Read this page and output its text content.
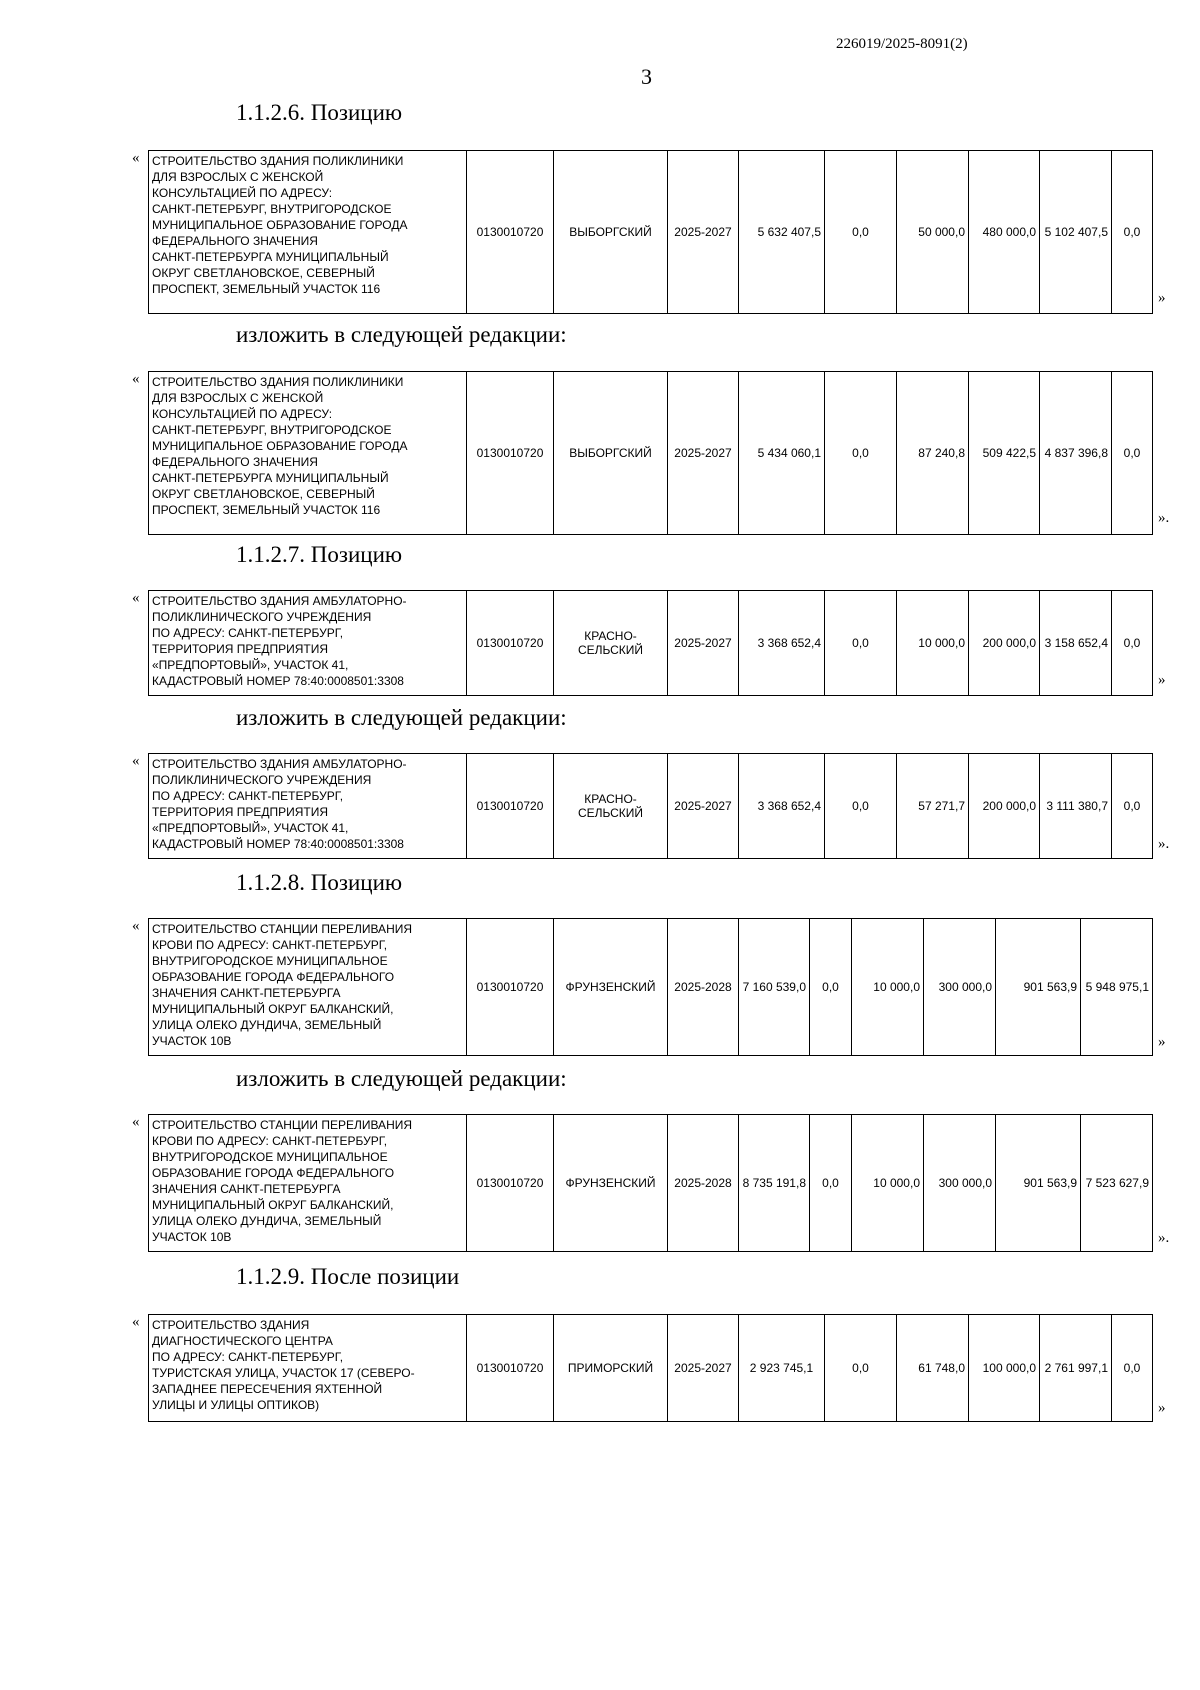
226019/2025-8091(2)
3
1.1.2.6. Позицию
« СТРОИТЕЛЬСТВО ЗДАНИЯ ПОЛИКЛИНИКИ
ДЛЯ ВЗРОСЛЫХ С ЖЕНСКОЙ
КОНСУЛЬТАЦИЕЙ ПО АДРЕСУ:
САНКТ-ПЕТЕРБУРГ, ВНУТРИГОРОДСКОЕ
МУНИЦИПАЛЬНОЕ ОБРАЗОВАНИЕ ГОРОДА
ФЕДЕРАЛЬНОГО ЗНАЧЕНИЯ
САНКТ-ПЕТЕРБУРГА МУНИЦИПАЛЬНЫЙ
ОКРУГ СВЕТЛАНОВСКОЕ, СЕВЕРНЫЙ
ПРОСПЕКТ, ЗЕМЕЛЬНЫЙ УЧАСТОК 116
	0130010720	ВЫБОРГСКИЙ	2025-2027	5 632 407,5	0,0	50 000,0	480 000,0	5 102 407,5	0,0
»
изложить в следующей редакции:
« СТРОИТЕЛЬСТВО ЗДАНИЯ ПОЛИКЛИНИКИ
ДЛЯ ВЗРОСЛЫХ С ЖЕНСКОЙ
КОНСУЛЬТАЦИЕЙ ПО АДРЕСУ:
САНКТ-ПЕТЕРБУРГ, ВНУТРИГОРОДСКОЕ
МУНИЦИПАЛЬНОЕ ОБРАЗОВАНИЕ ГОРОДА
ФЕДЕРАЛЬНОГО ЗНАЧЕНИЯ
САНКТ-ПЕТЕРБУРГА МУНИЦИПАЛЬНЫЙ
ОКРУГ СВЕТЛАНОВСКОЕ, СЕВЕРНЫЙ
ПРОСПЕКТ, ЗЕМЕЛЬНЫЙ УЧАСТОК 116
	0130010720	ВЫБОРГСКИЙ	2025-2027	5 434 060,1	0,0	87 240,8	509 422,5	4 837 396,8	0,0
».
1.1.2.7. Позицию
« СТРОИТЕЛЬСТВО ЗДАНИЯ АМБУЛАТОРНО-
ПОЛИКЛИНИЧЕСКОГО УЧРЕЖДЕНИЯ
ПО АДРЕСУ: САНКТ-ПЕТЕРБУРГ,
ТЕРРИТОРИЯ ПРЕДПРИЯТИЯ
«ПРЕДПОРТОВЫЙ», УЧАСТОК 41,
КАДАСТРОВЫЙ НОМЕР 78:40:0008501:3308
	0130010720	КРАСНО-
СЕЛЬСКИЙ	2025-2027	3 368 652,4	0,0	10 000,0	200 000,0	3 158 652,4	0,0
»
изложить в следующей редакции:
« СТРОИТЕЛЬСТВО ЗДАНИЯ АМБУЛАТОРНО-
ПОЛИКЛИНИЧЕСКОГО УЧРЕЖДЕНИЯ
ПО АДРЕСУ: САНКТ-ПЕТЕРБУРГ,
ТЕРРИТОРИЯ ПРЕДПРИЯТИЯ
«ПРЕДПОРТОВЫЙ», УЧАСТОК 41,
КАДАСТРОВЫЙ НОМЕР 78:40:0008501:3308
	0130010720	КРАСНО-
СЕЛЬСКИЙ	2025-2027	3 368 652,4	0,0	57 271,7	200 000,0	3 111 380,7	0,0
».
1.1.2.8. Позицию
« СТРОИТЕЛЬСТВО СТАНЦИИ ПЕРЕЛИВАНИЯ
КРОВИ ПО АДРЕСУ: САНКТ-ПЕТЕРБУРГ,
ВНУТРИГОРОДСКОЕ МУНИЦИПАЛЬНОЕ
ОБРАЗОВАНИЕ ГОРОДА ФЕДЕРАЛЬНОГО
ЗНАЧЕНИЯ САНКТ-ПЕТЕРБУРГА
МУНИЦИПАЛЬНЫЙ ОКРУГ БАЛКАНСКИЙ,
УЛИЦА ОЛЕКО ДУНДИЧА, ЗЕМЕЛЬНЫЙ
УЧАСТОК 10В
	0130010720	ФРУНЗЕНСКИЙ	2025-2028	7 160 539,0	0,0	10 000,0	300 000,0	901 563,9	5 948 975,1
»
изложить в следующей редакции:
« СТРОИТЕЛЬСТВО СТАНЦИИ ПЕРЕЛИВАНИЯ
КРОВИ ПО АДРЕСУ: САНКТ-ПЕТЕРБУРГ,
ВНУТРИГОРОДСКОЕ МУНИЦИПАЛЬНОЕ
ОБРАЗОВАНИЕ ГОРОДА ФЕДЕРАЛЬНОГО
ЗНАЧЕНИЯ САНКТ-ПЕТЕРБУРГА
МУНИЦИПАЛЬНЫЙ ОКРУГ БАЛКАНСКИЙ,
УЛИЦА ОЛЕКО ДУНДИЧА, ЗЕМЕЛЬНЫЙ
УЧАСТОК 10В
	0130010720	ФРУНЗЕНСКИЙ	2025-2028	8 735 191,8	0,0	10 000,0	300 000,0	901 563,9	7 523 627,9
».
1.1.2.9. После позиции
« СТРОИТЕЛЬСТВО ЗДАНИЯ
ДИАГНОСТИЧЕСКОГО ЦЕНТРА
ПО АДРЕСУ: САНКТ-ПЕТЕРБУРГ,
ТУРИСТСКАЯ УЛИЦА, УЧАСТОК 17 (СЕВЕРО-
ЗАПАДНЕЕ ПЕРЕСЕЧЕНИЯ ЯХТЕННОЙ
УЛИЦЫ И УЛИЦЫ ОПТИКОВ)
	0130010720	ПРИМОРСКИЙ	2025-2027	2 923 745,1	0,0	61 748,0	100 000,0	2 761 997,1	0,0
»
